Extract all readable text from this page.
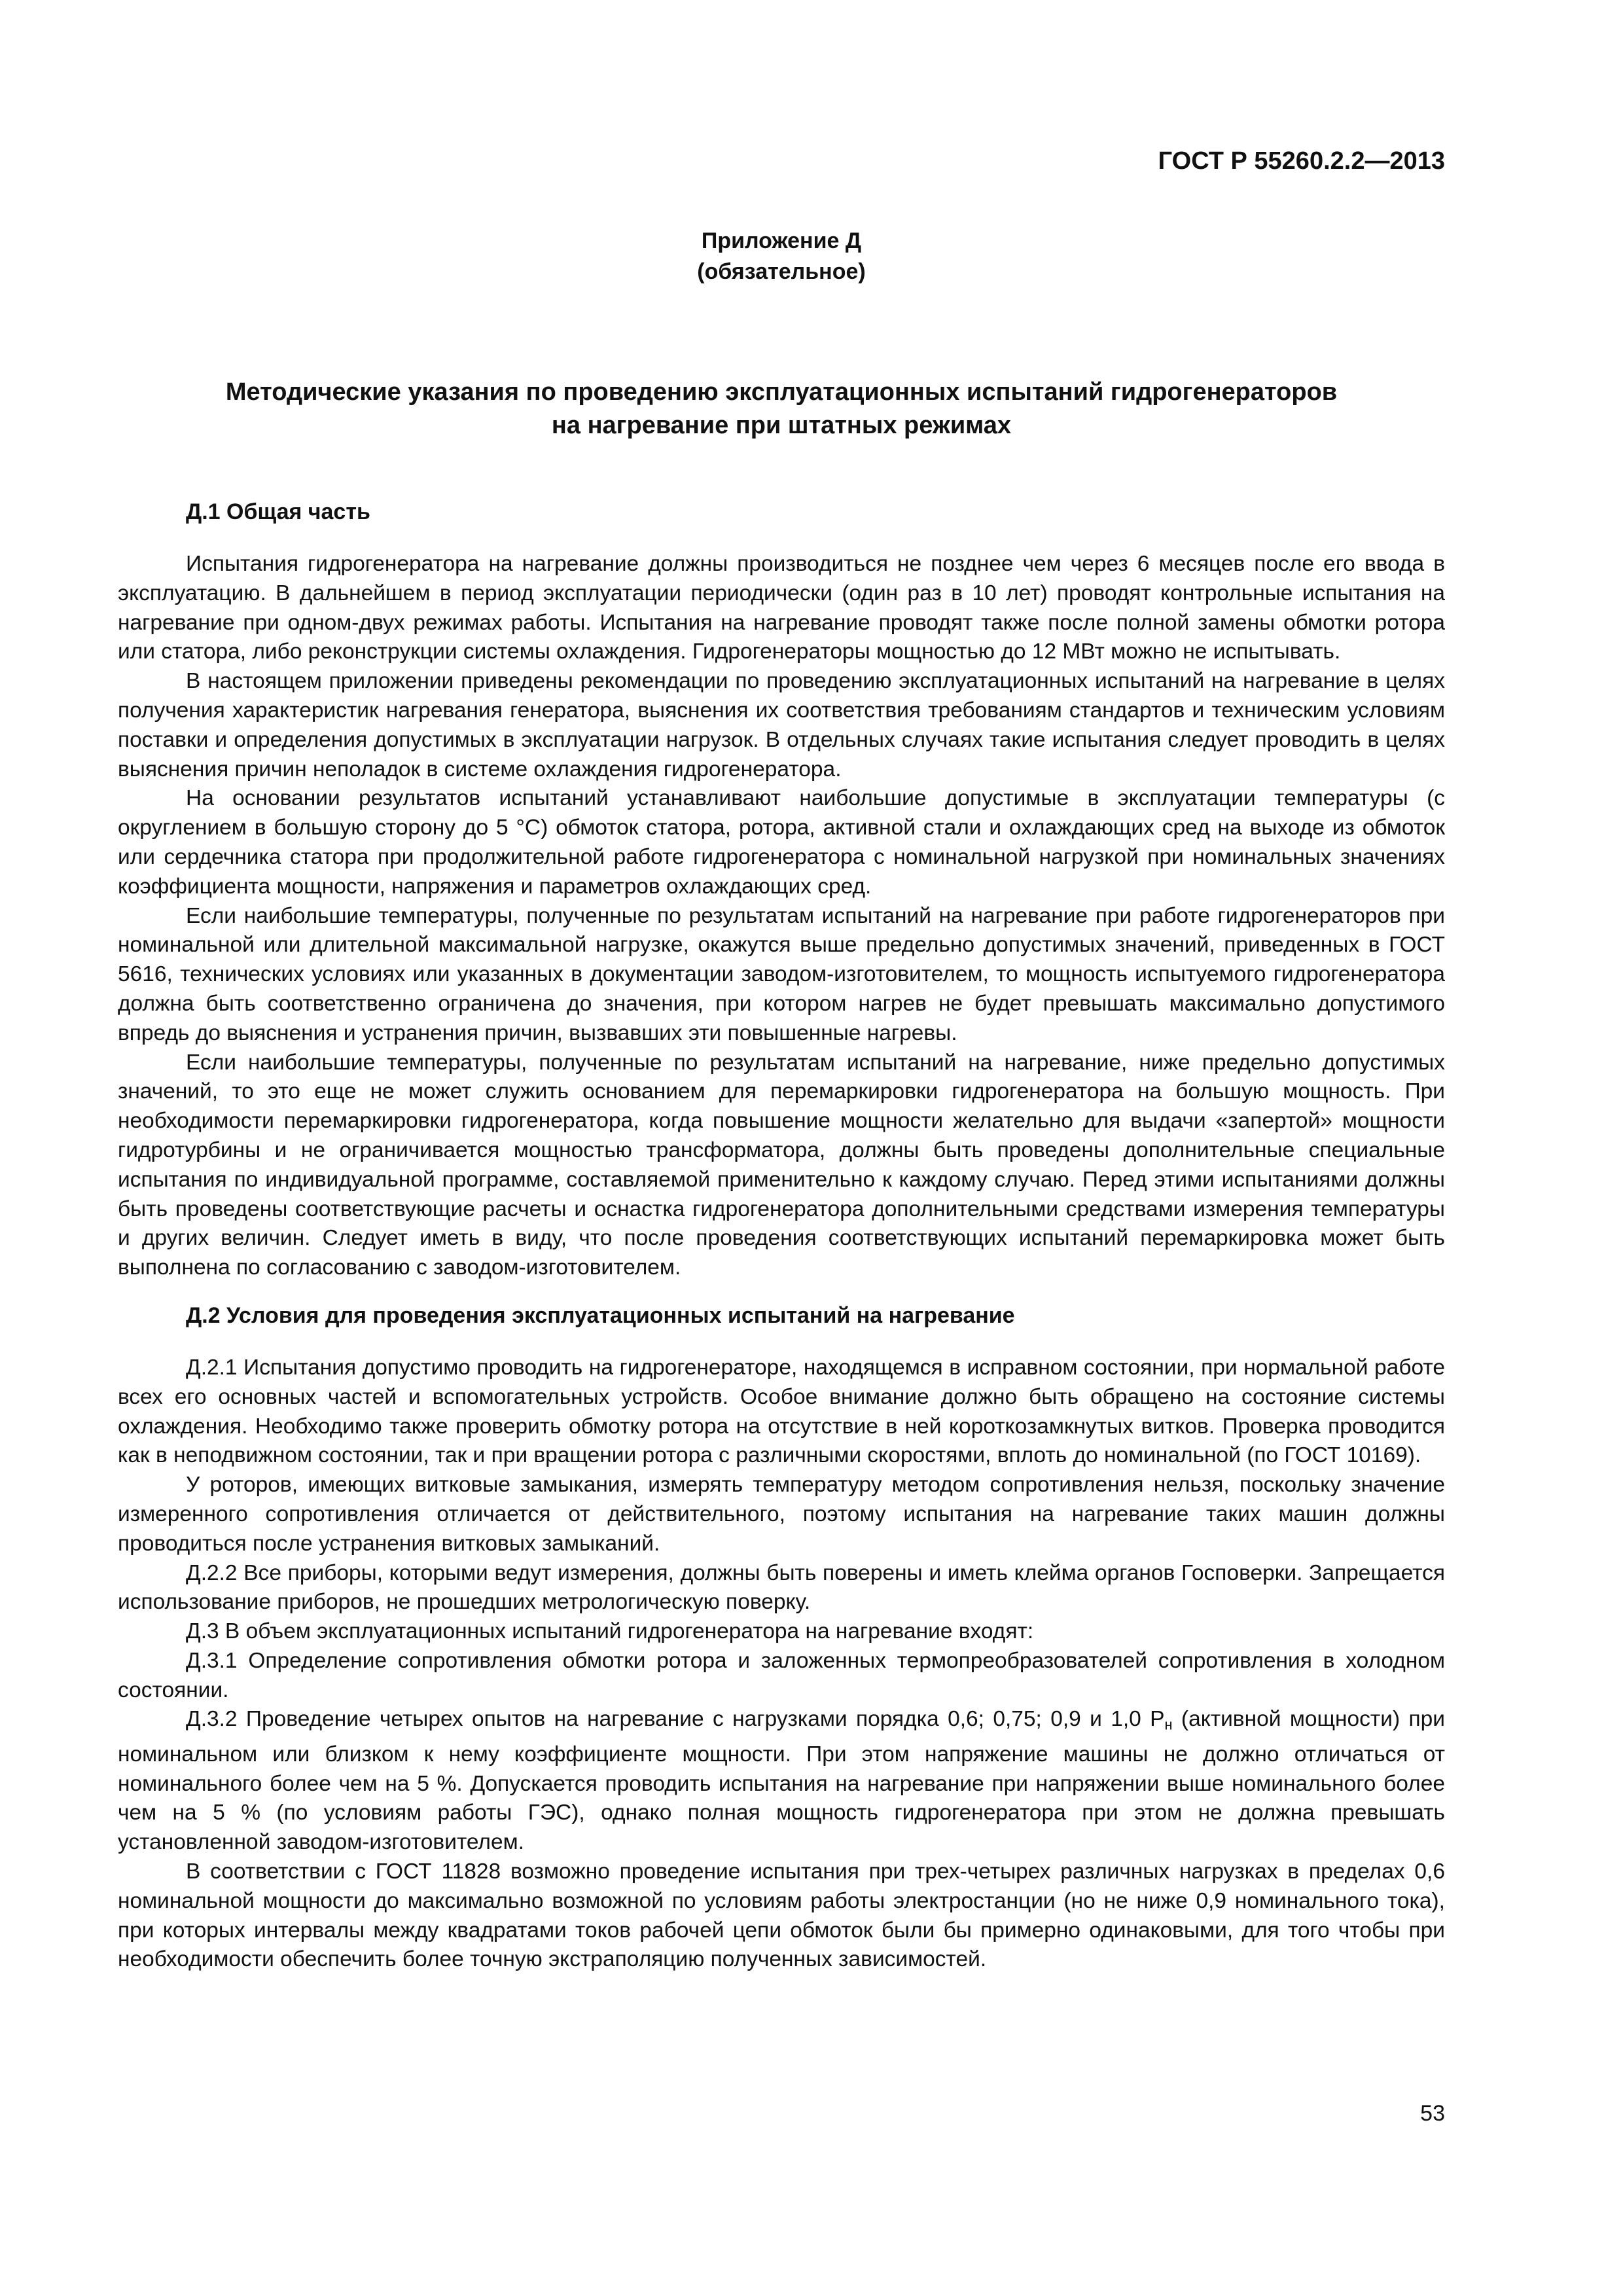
ГОСТ Р 55260.2.2—2013
Приложение Д
(обязательное)
Методические указания по проведению эксплуатационных испытаний гидрогенераторов
на нагревание при штатных режимах
Д.1 Общая часть

Испытания гидрогенератора на нагревание должны производиться не позднее чем через 6 месяцев после его ввода в эксплуатацию. В дальнейшем в период эксплуатации периодически (один раз в 10 лет) проводят контрольные испытания на нагревание при одном-двух режимах работы. Испытания на нагревание проводят также после полной замены обмотки ротора или статора, либо реконструкции системы охлаждения. Гидрогенераторы мощностью до 12 МВт можно не испытывать.

В настоящем приложении приведены рекомендации по проведению эксплуатационных испытаний на нагревание в целях получения характеристик нагревания генератора, выяснения их соответствия требованиям стандартов и техническим условиям поставки и определения допустимых в эксплуатации нагрузок. В отдельных случаях такие испытания следует проводить в целях выяснения причин неполадок в системе охлаждения гидрогенератора.

На основании результатов испытаний устанавливают наибольшие допустимые в эксплуатации температуры (с округлением в большую сторону до 5 °С) обмоток статора, ротора, активной стали и охлаждающих сред на выходе из обмоток или сердечника статора при продолжительной работе гидрогенератора с номинальной нагрузкой при номинальных значениях коэффициента мощности, напряжения и параметров охлаждающих сред.

Если наибольшие температуры, полученные по результатам испытаний на нагревание при работе гидрогенераторов при номинальной или длительной максимальной нагрузке, окажутся выше предельно допустимых значений, приведенных в ГОСТ 5616, технических условиях или указанных в документации заводом-изготовителем, то мощность испытуемого гидрогенератора должна быть соответственно ограничена до значения, при котором нагрев не будет превышать максимально допустимого впредь до выяснения и устранения причин, вызвавших эти повышенные нагревы.

Если наибольшие температуры, полученные по результатам испытаний на нагревание, ниже предельно допустимых значений, то это еще не может служить основанием для перемаркировки гидрогенератора на большую мощность. При необходимости перемаркировки гидрогенератора, когда повышение мощности желательно для выдачи «запертой» мощности гидротурбины и не ограничивается мощностью трансформатора, должны быть проведены дополнительные специальные испытания по индивидуальной программе, составляемой применительно к каждому случаю. Перед этими испытаниями должны быть проведены соответствующие расчеты и оснастка гидрогенератора дополнительными средствами измерения температуры и других величин. Следует иметь в виду, что после проведения соответствующих испытаний перемаркировка может быть выполнена по согласованию с заводом-изготовителем.

Д.2 Условия для проведения эксплуатационных испытаний на нагревание

Д.2.1 Испытания допустимо проводить на гидрогенераторе, находящемся в исправном состоянии, при нормальной работе всех его основных частей и вспомогательных устройств. Особое внимание должно быть обращено на состояние системы охлаждения. Необходимо также проверить обмотку ротора на отсутствие в ней короткозамкнутых витков. Проверка проводится как в неподвижном состоянии, так и при вращении ротора с различными скоростями, вплоть до номинальной (по ГОСТ 10169).

У роторов, имеющих витковые замыкания, измерять температуру методом сопротивления нельзя, поскольку значение измеренного сопротивления отличается от действительного, поэтому испытания на нагревание таких машин должны проводиться после устранения витковых замыканий.

Д.2.2 Все приборы, которыми ведут измерения, должны быть поверены и иметь клейма органов Госповерки. Запрещается использование приборов, не прошедших метрологическую поверку.

Д.3 В объем эксплуатационных испытаний гидрогенератора на нагревание входят:

Д.3.1 Определение сопротивления обмотки ротора и заложенных термопреобразователей сопротивления в холодном состоянии.

Д.3.2 Проведение четырех опытов на нагревание с нагрузками порядка 0,6; 0,75; 0,9 и 1,0 $Р_н$ (активной мощности) при номинальном или близком к нему коэффициенте мощности. При этом напряжение машины не должно отличаться от номинального более чем на 5 %. Допускается проводить испытания на нагревание при напряжении выше номинального более чем на 5 % (по условиям работы ГЭС), однако полная мощность гидрогенератора при этом не должна превышать установленной заводом-изготовителем.

В соответствии с ГОСТ 11828 возможно проведение испытания при трех-четырех различных нагрузках в пределах 0,6 номинальной мощности до максимально возможной по условиям работы электростанции (но не ниже 0,9 номинального тока), при которых интервалы между квадратами токов рабочей цепи обмоток были бы примерно одинаковыми, для того чтобы при необходимости обеспечить более точную экстраполяцию полученных зависимостей.

53
